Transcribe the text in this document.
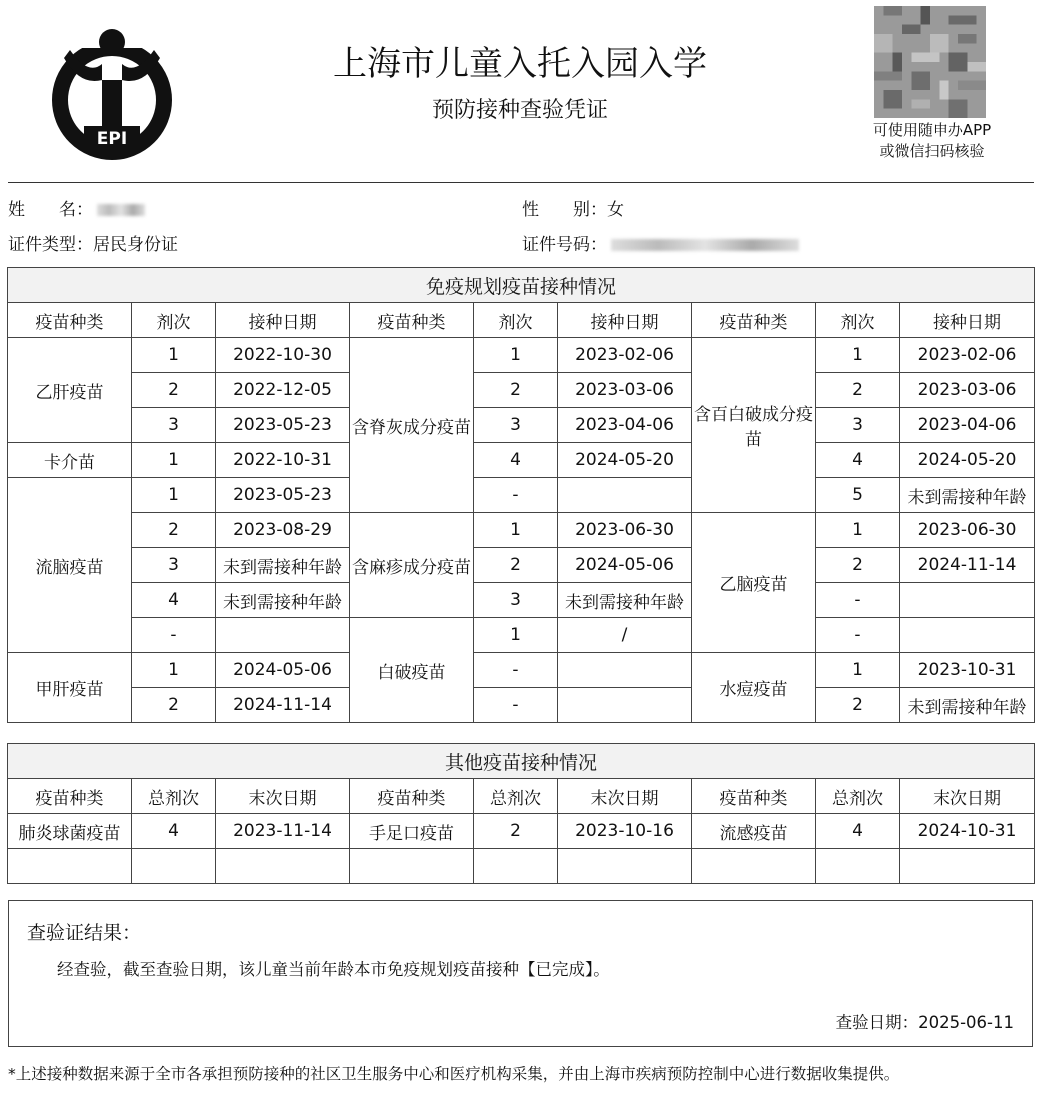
EPI
上海市儿童入托入园入学
预防接种查验凭证
可使用随申办APP
或微信扫码核验
姓　　名：	性　　别：女
证件类型：居民身份证	证件号码：
免疫规划疫苗接种情况								
疫苗种类	剂次	接种日期	疫苗种类	剂次	接种日期	疫苗种类	剂次	接种日期
乙肝疫苗	1	2022-10-30	含脊灰成分疫苗	1	2023-02-06	含百白破成分疫苗	1	2023-02-06
	2	2022-12-05		2	2023-03-06		2	2023-03-06
	3	2023-05-23		3	2023-04-06		3	2023-04-06
卡介苗	1	2022-10-31		4	2024-05-20		4	2024-05-20
流脑疫苗	1	2023-05-23		-			5	未到需接种年龄
	2	2023-08-29	含麻疹成分疫苗	1	2023-06-30	乙脑疫苗	1	2023-06-30
	3	未到需接种年龄		2	2024-05-06		2	2024-11-14
	4	未到需接种年龄		3	未到需接种年龄		-	
	-		白破疫苗	1	/		-	
甲肝疫苗	1	2024-05-06		-		水痘疫苗	1	2023-10-31
	2	2024-11-14		-			2	未到需接种年龄
其他疫苗接种情况								
疫苗种类	总剂次	末次日期	疫苗种类	总剂次	末次日期	疫苗种类	总剂次	末次日期
肺炎球菌疫苗	4	2023-11-14	手足口疫苗	2	2023-10-16	流感疫苗	4	2024-10-31

查验证结果：
经查验，截至查验日期，该儿童当前年龄本市免疫规划疫苗接种【已完成】。
查验日期：2025-06-11
*上述接种数据来源于全市各承担预防接种的社区卫生服务中心和医疗机构采集，并由上海市疾病预防控制中心进行数据收集提供。
